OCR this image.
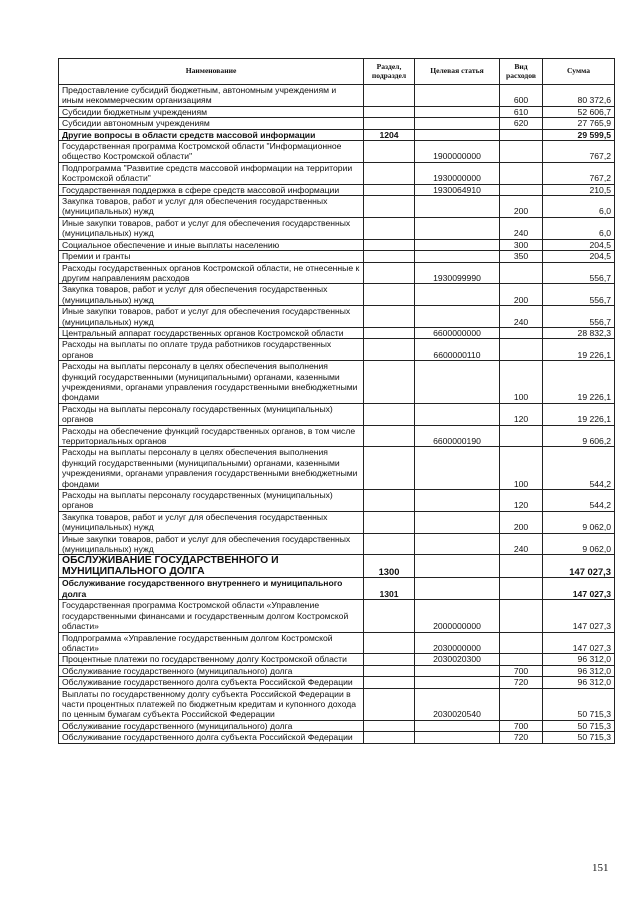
Наименование	Раздел, подраздел	Целевая статья	Вид расходов	Сумма
Предоставление субсидий бюджетным, автономным учреждениям и иным некоммерческим организациям			600	80 372,6
Субсидии бюджетным учреждениям			610	52 606,7
Субсидии автономным учреждениям			620	27 765,9
Другие вопросы в области средств массовой информации	1204			29 599,5
Государственная программа Костромской области "Информационное общество Костромской области"		1900000000		767,2
Подпрограмма "Развитие средств массовой информации на территории Костромской области"		1930000000		767,2
Государственная поддержка в сфере средств массовой информации		1930064910		210,5
Закупка товаров, работ и услуг для обеспечения государственных (муниципальных) нужд			200	6,0
Иные закупки товаров, работ и услуг для обеспечения государственных (муниципальных) нужд			240	6,0
Социальное обеспечение и иные выплаты населению			300	204,5
Премии и гранты			350	204,5
Расходы государственных органов Костромской области, не отнесенные к другим направлениям расходов		1930099990		556,7
Закупка товаров, работ и услуг для обеспечения государственных (муниципальных) нужд			200	556,7
Иные закупки товаров, работ и услуг для обеспечения государственных (муниципальных) нужд			240	556,7
Центральный аппарат государственных органов Костромской области		6600000000		28 832,3
Расходы на выплаты по оплате труда работников государственных органов		6600000110		19 226,1
Расходы на выплаты персоналу в целях обеспечения выполнения функций государственными (муниципальными) органами, казенными учреждениями, органами управления государственными внебюджетными фондами			100	19 226,1
Расходы на выплаты персоналу государственных (муниципальных) органов			120	19 226,1
Расходы на обеспечение функций государственных органов, в том числе территориальных органов		6600000190		9 606,2
Расходы на выплаты персоналу в целях обеспечения выполнения функций государственными (муниципальными) органами, казенными учреждениями, органами управления государственными внебюджетными фондами			100	544,2
Расходы на выплаты персоналу государственных (муниципальных) органов			120	544,2
Закупка товаров, работ и услуг для обеспечения государственных (муниципальных) нужд			200	9 062,0
Иные закупки товаров, работ и услуг для обеспечения государственных (муниципальных) нужд			240	9 062,0
ОБСЛУЖИВАНИЕ ГОСУДАРСТВЕННОГО И МУНИЦИПАЛЬНОГО ДОЛГА	1300			147 027,3
Обслуживание государственного внутреннего и муниципального долга	1301			147 027,3
Государственная программа Костромской области «Управление государственными финансами и государственным долгом Костромской области»		2000000000		147 027,3
Подпрограмма «Управление государственным долгом Костромской области»		2030000000		147 027,3
Процентные платежи по государственному долгу Костромской области		2030020300		96 312,0
Обслуживание государственного (муниципального) долга			700	96 312,0
Обслуживание государственного долга субъекта Российской Федерации			720	96 312,0
Выплаты по государственному долгу субъекта Российской Федерации в части процентных платежей по бюджетным кредитам и купонного дохода по ценным бумагам субъекта Российской Федерации		2030020540		50 715,3
Обслуживание государственного (муниципального) долга			700	50 715,3
Обслуживание государственного долга субъекта Российской Федерации			720	50 715,3
151
